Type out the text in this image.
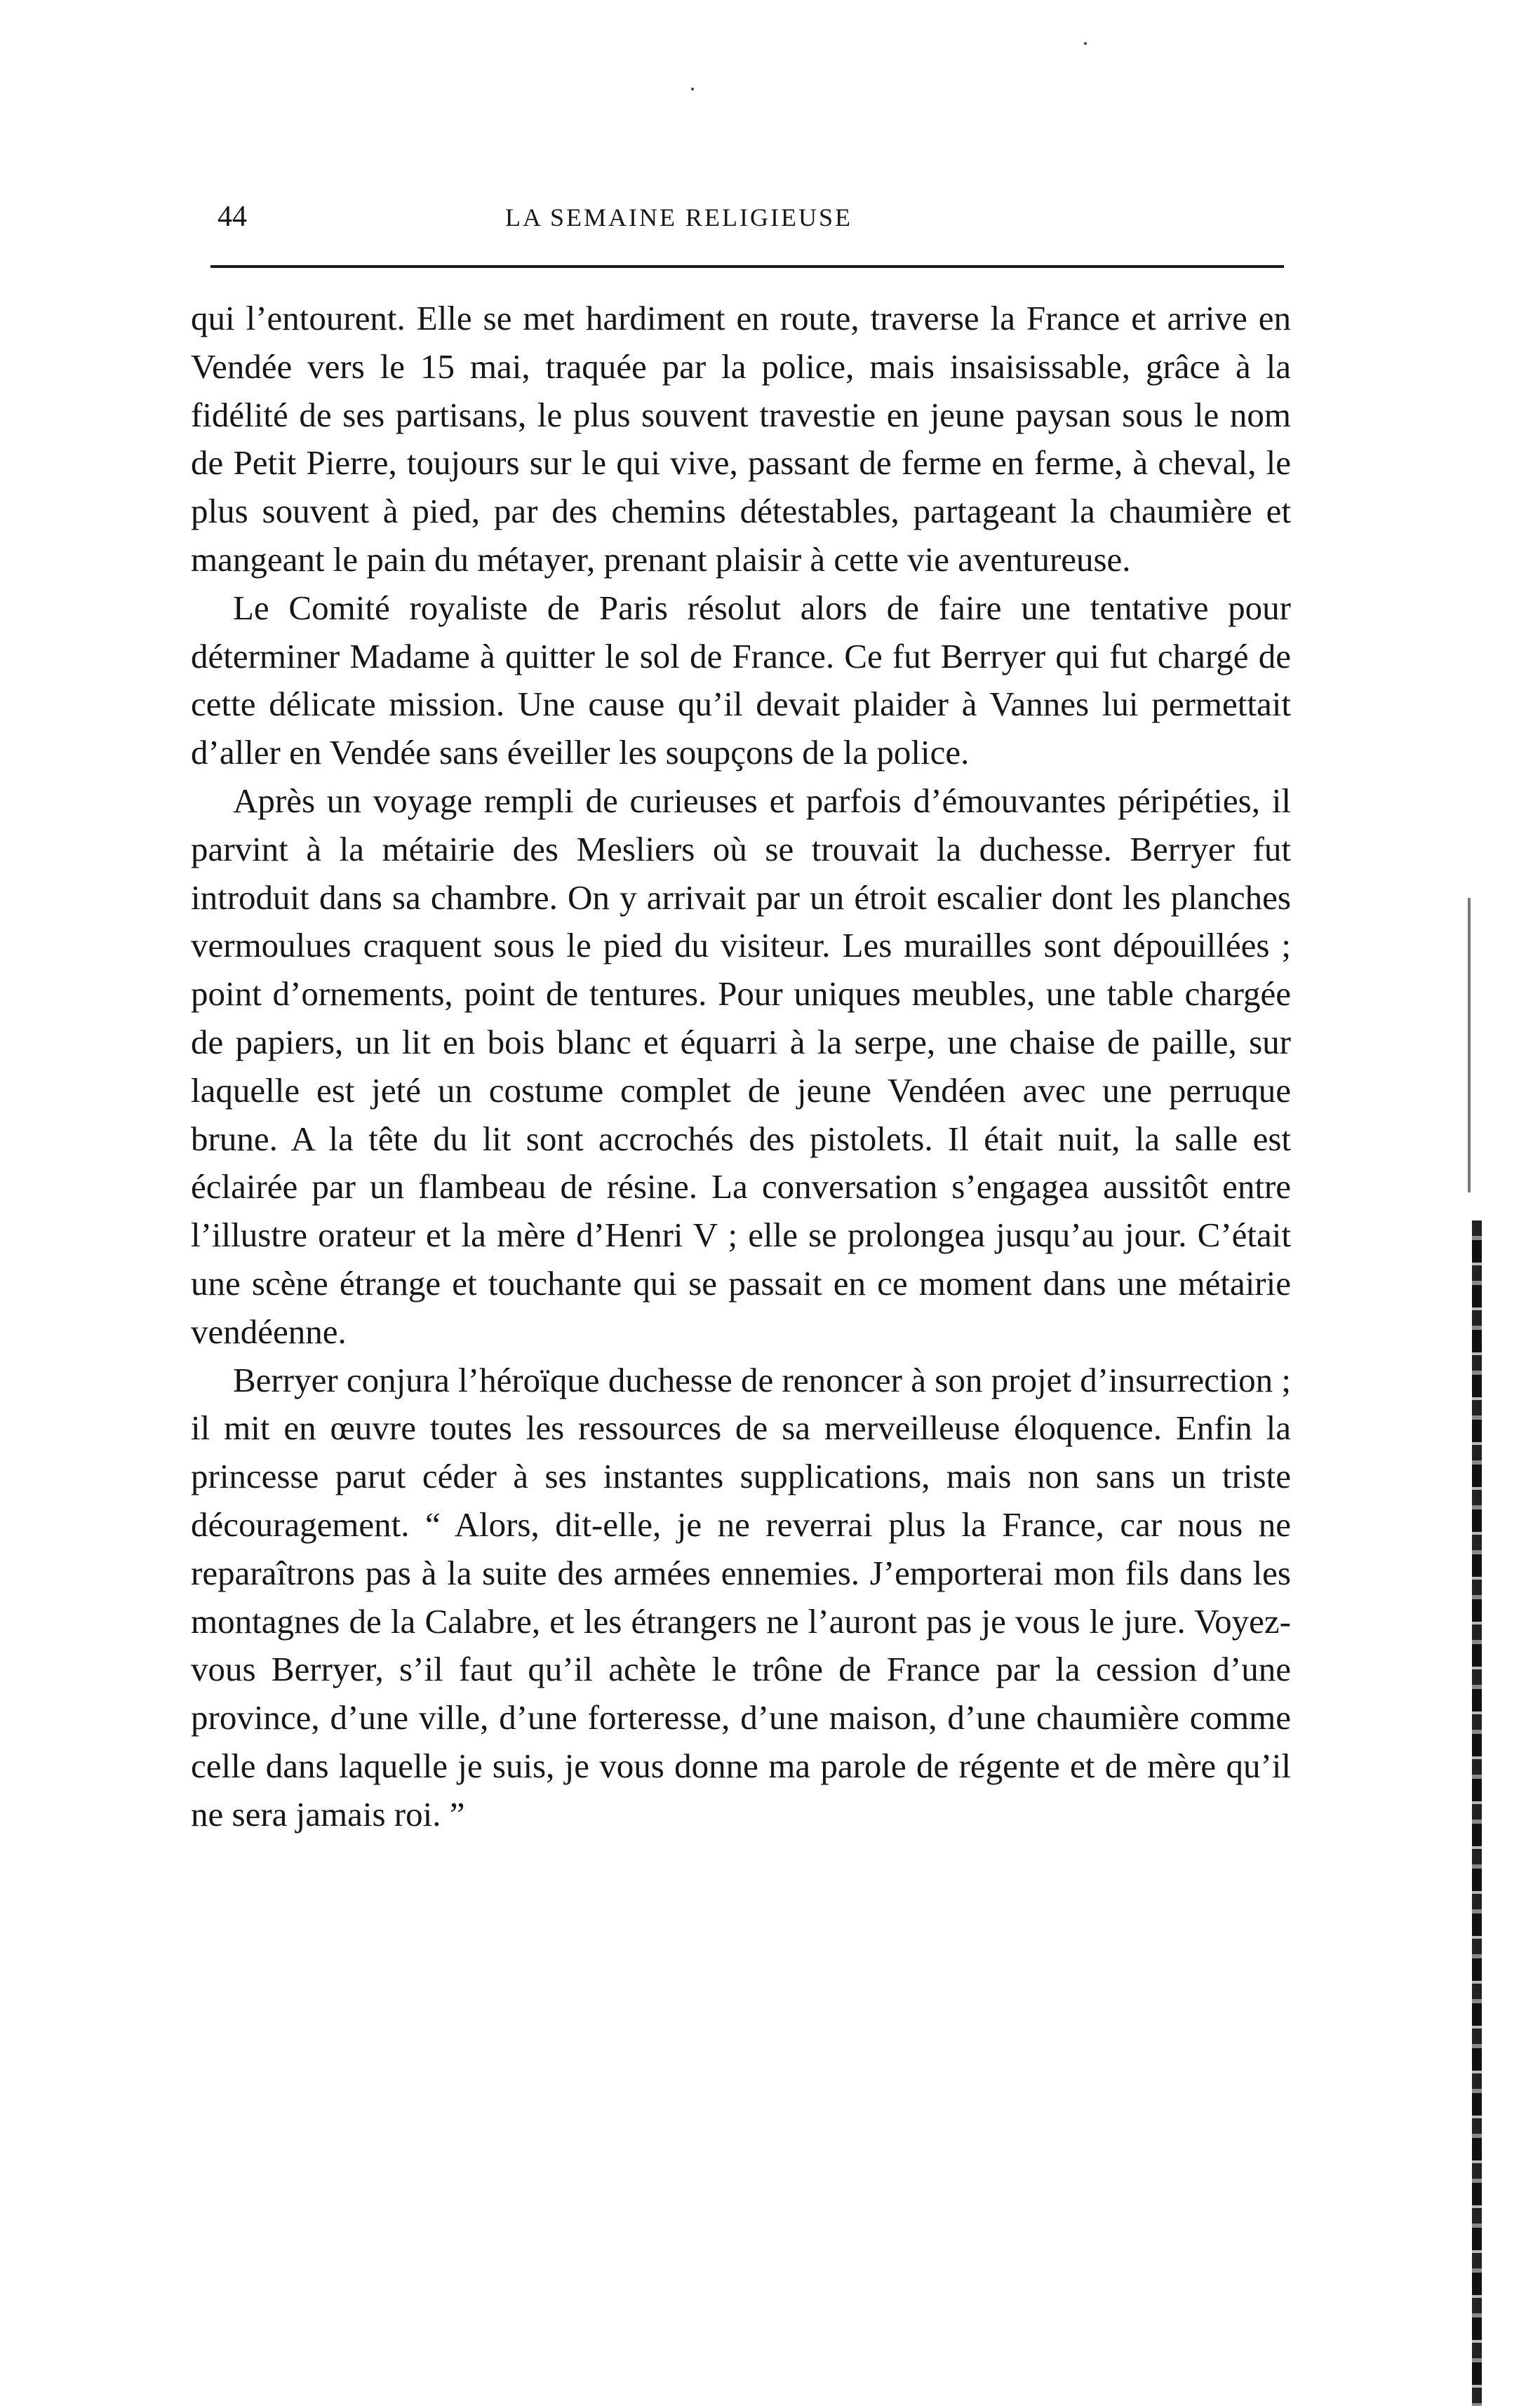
44	LA SEMAINE RELIGIEUSE

qui l’entourent. Elle se met hardiment en route, traverse la France et arrive en Vendée vers le 15 mai, traquée par la police, mais insaisissable, grâce à la fidélité de ses partisans, le plus souvent travestie en jeune paysan sous le nom de Petit Pierre, toujours sur le qui vive, passant de ferme en ferme, à cheval, le plus souvent à pied, par des chemins détestables, partageant la chaumière et mangeant le pain du métayer, prenant plaisir à cette vie aventureuse.

Le Comité royaliste de Paris résolut alors de faire une tentative pour déterminer Madame à quitter le sol de France. Ce fut Berryer qui fut chargé de cette délicate mission. Une cause qu’il devait plaider à Vannes lui permettait d’aller en Vendée sans éveiller les soupçons de la police.

Après un voyage rempli de curieuses et parfois d’émouvantes péripéties, il parvint à la métairie des Mesliers où se trouvait la duchesse. Berryer fut introduit dans sa chambre. On y arrivait par un étroit escalier dont les planches vermoulues craquent sous le pied du visiteur. Les murailles sont dépouillées ; point d’ornements, point de tentures. Pour uniques meubles, une table chargée de papiers, un lit en bois blanc et équarri à la serpe, une chaise de paille, sur laquelle est jeté un costume complet de jeune Vendéen avec une perruque brune. A la tête du lit sont accrochés des pistolets. Il était nuit, la salle est éclairée par un flambeau de résine. La conversation s’engagea aussitôt entre l’illustre orateur et la mère d’Henri V ; elle se prolongea jusqu’au jour. C’était une scène étrange et touchante qui se passait en ce moment dans une métairie vendéenne.

Berryer conjura l’héroïque duchesse de renoncer à son projet d’insurrection ; il mit en œuvre toutes les ressources de sa merveilleuse éloquence. Enfin la princesse parut céder à ses instantes supplications, mais non sans un triste découragement. “ Alors, dit-elle, je ne reverrai plus la France, car nous ne reparaîtrons pas à la suite des armées ennemies. J’emporterai mon fils dans les montagnes de la Calabre, et les étrangers ne l’auront pas je vous le jure. Voyez-vous Berryer, s’il faut qu’il achète le trône de France par la cession d’une province, d’une ville, d’une forteresse, d’une maison, d’une chaumière comme celle dans laquelle je suis, je vous donne ma parole de régente et de mère qu’il ne sera jamais roi. ”
